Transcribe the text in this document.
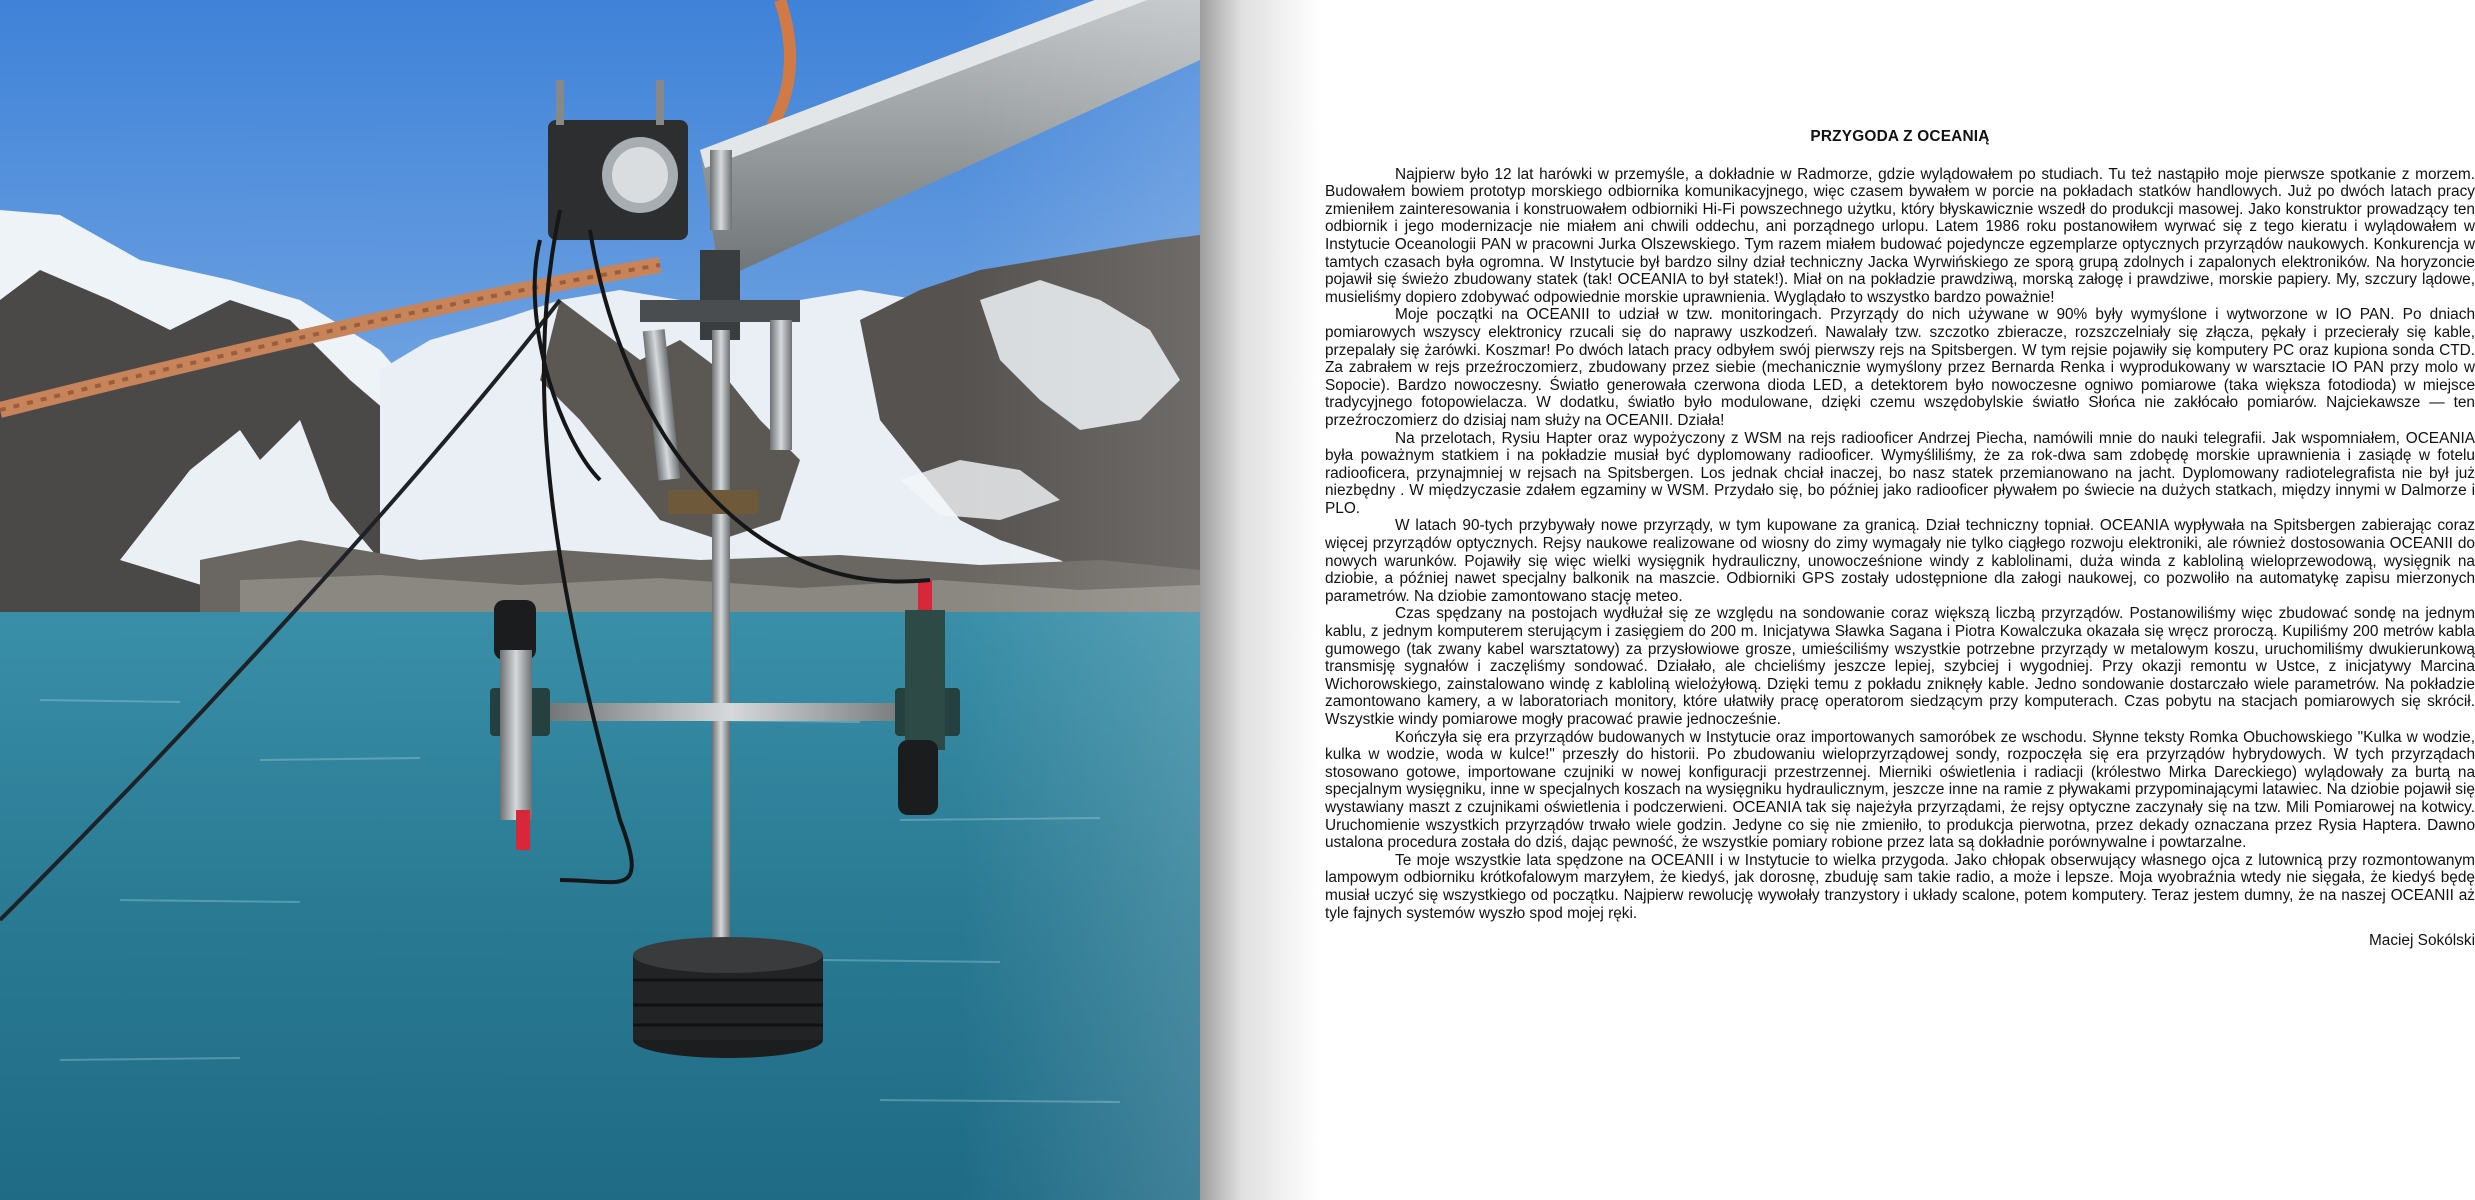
PRZYGODA Z OCEANIĄ

Najpierw było 12 lat harówki w przemyśle, a dokładnie w Radmorze, gdzie wylądowałem po studiach. Tu też nastąpiło moje pierwsze spotkanie z morzem. Budowałem bowiem prototyp morskiego odbiornika komunikacyjnego, więc czasem bywałem w porcie na pokładach statków handlowych. Już po dwóch latach pracy zmieniłem zainteresowania i konstruowałem odbiorniki Hi-Fi powszechnego użytku, który błyskawicznie wszedł do produkcji masowej. Jako konstruktor prowadzący ten odbiornik i jego modernizacje nie miałem ani chwili oddechu, ani porządnego urlopu. Latem 1986 roku postanowiłem wyrwać się z tego kieratu i wylądowałem w Instytucie Oceanologii PAN w pracowni Jurka Olszewskiego. Tym razem miałem budować pojedyncze egzemplarze optycznych przyrządów naukowych. Konkurencja w tamtych czasach była ogromna. W Instytucie był bardzo silny dział techniczny Jacka Wyrwińskiego ze sporą grupą zdolnych i zapalonych elektroników. Na horyzoncie pojawił się świeżo zbudowany statek (tak! OCEANIA to był statek!). Miał on na pokładzie prawdziwą, morską załogę i prawdziwe, morskie papiery. My, szczury lądowe, musieliśmy dopiero zdobywać odpowiednie morskie uprawnienia. Wyglądało to wszystko bardzo poważnie!

Moje początki na OCEANII to udział w tzw. monitoringach. Przyrządy do nich używane w 90% były wymyślone i wytworzone w IO PAN. Po dniach pomiarowych wszyscy elektronicy rzucali się do naprawy uszkodzeń. Nawalały tzw. szczotko zbieracze, rozszczelniały się złącza, pękały i przecierały się kable, przepalały się żarówki. Koszmar! Po dwóch latach pracy odbyłem swój pierwszy rejs na Spitsbergen. W tym rejsie pojawiły się komputery PC oraz kupiona sonda CTD. Za zabrałem w rejs przeźroczomierz, zbudowany przez siebie (mechanicznie wymyślony przez Bernarda Renka i wyprodukowany w warsztacie IO PAN przy molo w Sopocie). Bardzo nowoczesny. Światło generowała czerwona dioda LED, a detektorem było nowoczesne ogniwo pomiarowe (taka większa fotodioda) w miejsce tradycyjnego fotopowielacza. W dodatku, światło było modulowane, dzięki czemu wszędobylskie światło Słońca nie zakłócało pomiarów. Najciekawsze — ten przeźroczomierz do dzisiaj nam służy na OCEANII. Działa!

Na przelotach, Rysiu Hapter oraz wypożyczony z WSM na rejs radiooficer Andrzej Piecha, namówili mnie do nauki telegrafii. Jak wspomniałem, OCEANIA była poważnym statkiem i na pokładzie musiał być dyplomowany radiooficer. Wymyśliliśmy, że za rok-dwa sam zdobędę morskie uprawnienia i zasiądę w fotelu radiooficera, przynajmniej w rejsach na Spitsbergen. Los jednak chciał inaczej, bo nasz statek przemianowano na jacht. Dyplomowany radiotelegrafista nie był już niezbędny . W międzyczasie zdałem egzaminy w WSM. Przydało się, bo później jako radiooficer pływałem po świecie na dużych statkach, między innymi w Dalmorze i PLO.

W latach 90-tych przybywały nowe przyrządy, w tym kupowane za granicą. Dział techniczny topniał. OCEANIA wypływała na Spitsbergen zabierając coraz więcej przyrządów optycznych. Rejsy naukowe realizowane od wiosny do zimy wymagały nie tylko ciągłego rozwoju elektroniki, ale również dostosowania OCEANII do nowych warunków. Pojawiły się więc wielki wysięgnik hydrauliczny, unowocześnione windy z kablolinami, duża winda z kabloliną wieloprzewodową, wysięgnik na dziobie, a później nawet specjalny balkonik na maszcie. Odbiorniki GPS zostały udostępnione dla załogi naukowej, co pozwoliło na automatykę zapisu mierzonych parametrów. Na dziobie zamontowano stację meteo.

Czas spędzany na postojach wydłużał się ze względu na sondowanie coraz większą liczbą przyrządów. Postanowiliśmy więc zbudować sondę na jednym kablu, z jednym komputerem sterującym i zasięgiem do 200 m. Inicjatywa Sławka Sagana i Piotra Kowalczuka okazała się wręcz proroczą. Kupiliśmy 200 metrów kabla gumowego (tak zwany kabel warsztatowy) za przysłowiowe grosze, umieściliśmy wszystkie potrzebne przyrządy w metalowym koszu, uruchomiliśmy dwukierunkową transmisję sygnałów i zaczęliśmy sondować. Działało, ale chcieliśmy jeszcze lepiej, szybciej i wygodniej. Przy okazji remontu w Ustce, z inicjatywy Marcina Wichorowskiego, zainstalowano windę z kabloliną wielożyłową. Dzięki temu z pokładu zniknęły kable. Jedno sondowanie dostarczało wiele parametrów. Na pokładzie zamontowano kamery, a w laboratoriach monitory, które ułatwiły pracę operatorom siedzącym przy komputerach. Czas pobytu na stacjach pomiarowych się skrócił. Wszystkie windy pomiarowe mogły pracować prawie jednocześnie.

Kończyła się era przyrządów budowanych w Instytucie oraz importowanych samoróbek ze wschodu. Słynne teksty Romka Obuchowskiego "Kulka w wodzie, kulka w wodzie, woda w kulce!" przeszły do historii. Po zbudowaniu wieloprzyrządowej sondy, rozpoczęła się era przyrządów hybrydowych. W tych przyrządach stosowano gotowe, importowane czujniki w nowej konfiguracji przestrzennej. Mierniki oświetlenia i radiacji (królestwo Mirka Dareckiego) wylądowały za burtą na specjalnym wysięgniku, inne w specjalnych koszach na wysięgniku hydraulicznym, jeszcze inne na ramie z pływakami przypominającymi latawiec. Na dziobie pojawił się wystawiany maszt z czujnikami oświetlenia i podczerwieni. OCEANIA tak się najeżyła przyrządami, że rejsy optyczne zaczynały się na tzw. Mili Pomiarowej na kotwicy. Uruchomienie wszystkich przyrządów trwało wiele godzin. Jedyne co się nie zmieniło, to produkcja pierwotna, przez dekady oznaczana przez Rysia Haptera. Dawno ustalona procedura została do dziś, dając pewność, że wszystkie pomiary robione przez lata są dokładnie porównywalne i powtarzalne.

Te moje wszystkie lata spędzone na OCEANII i w Instytucie to wielka przygoda. Jako chłopak obserwujący własnego ojca z lutownicą przy rozmontowanym lampowym odbiorniku krótkofalowym marzyłem, że kiedyś, jak dorosnę, zbuduję sam takie radio, a może i lepsze. Moja wyobraźnia wtedy nie sięgała, że kiedyś będę musiał uczyć się wszystkiego od początku. Najpierw rewolucję wywołały tranzystory i układy scalone, potem komputery. Teraz jestem dumny, że na naszej OCEANII aż tyle fajnych systemów wyszło spod mojej ręki.

Maciej Sokólski
